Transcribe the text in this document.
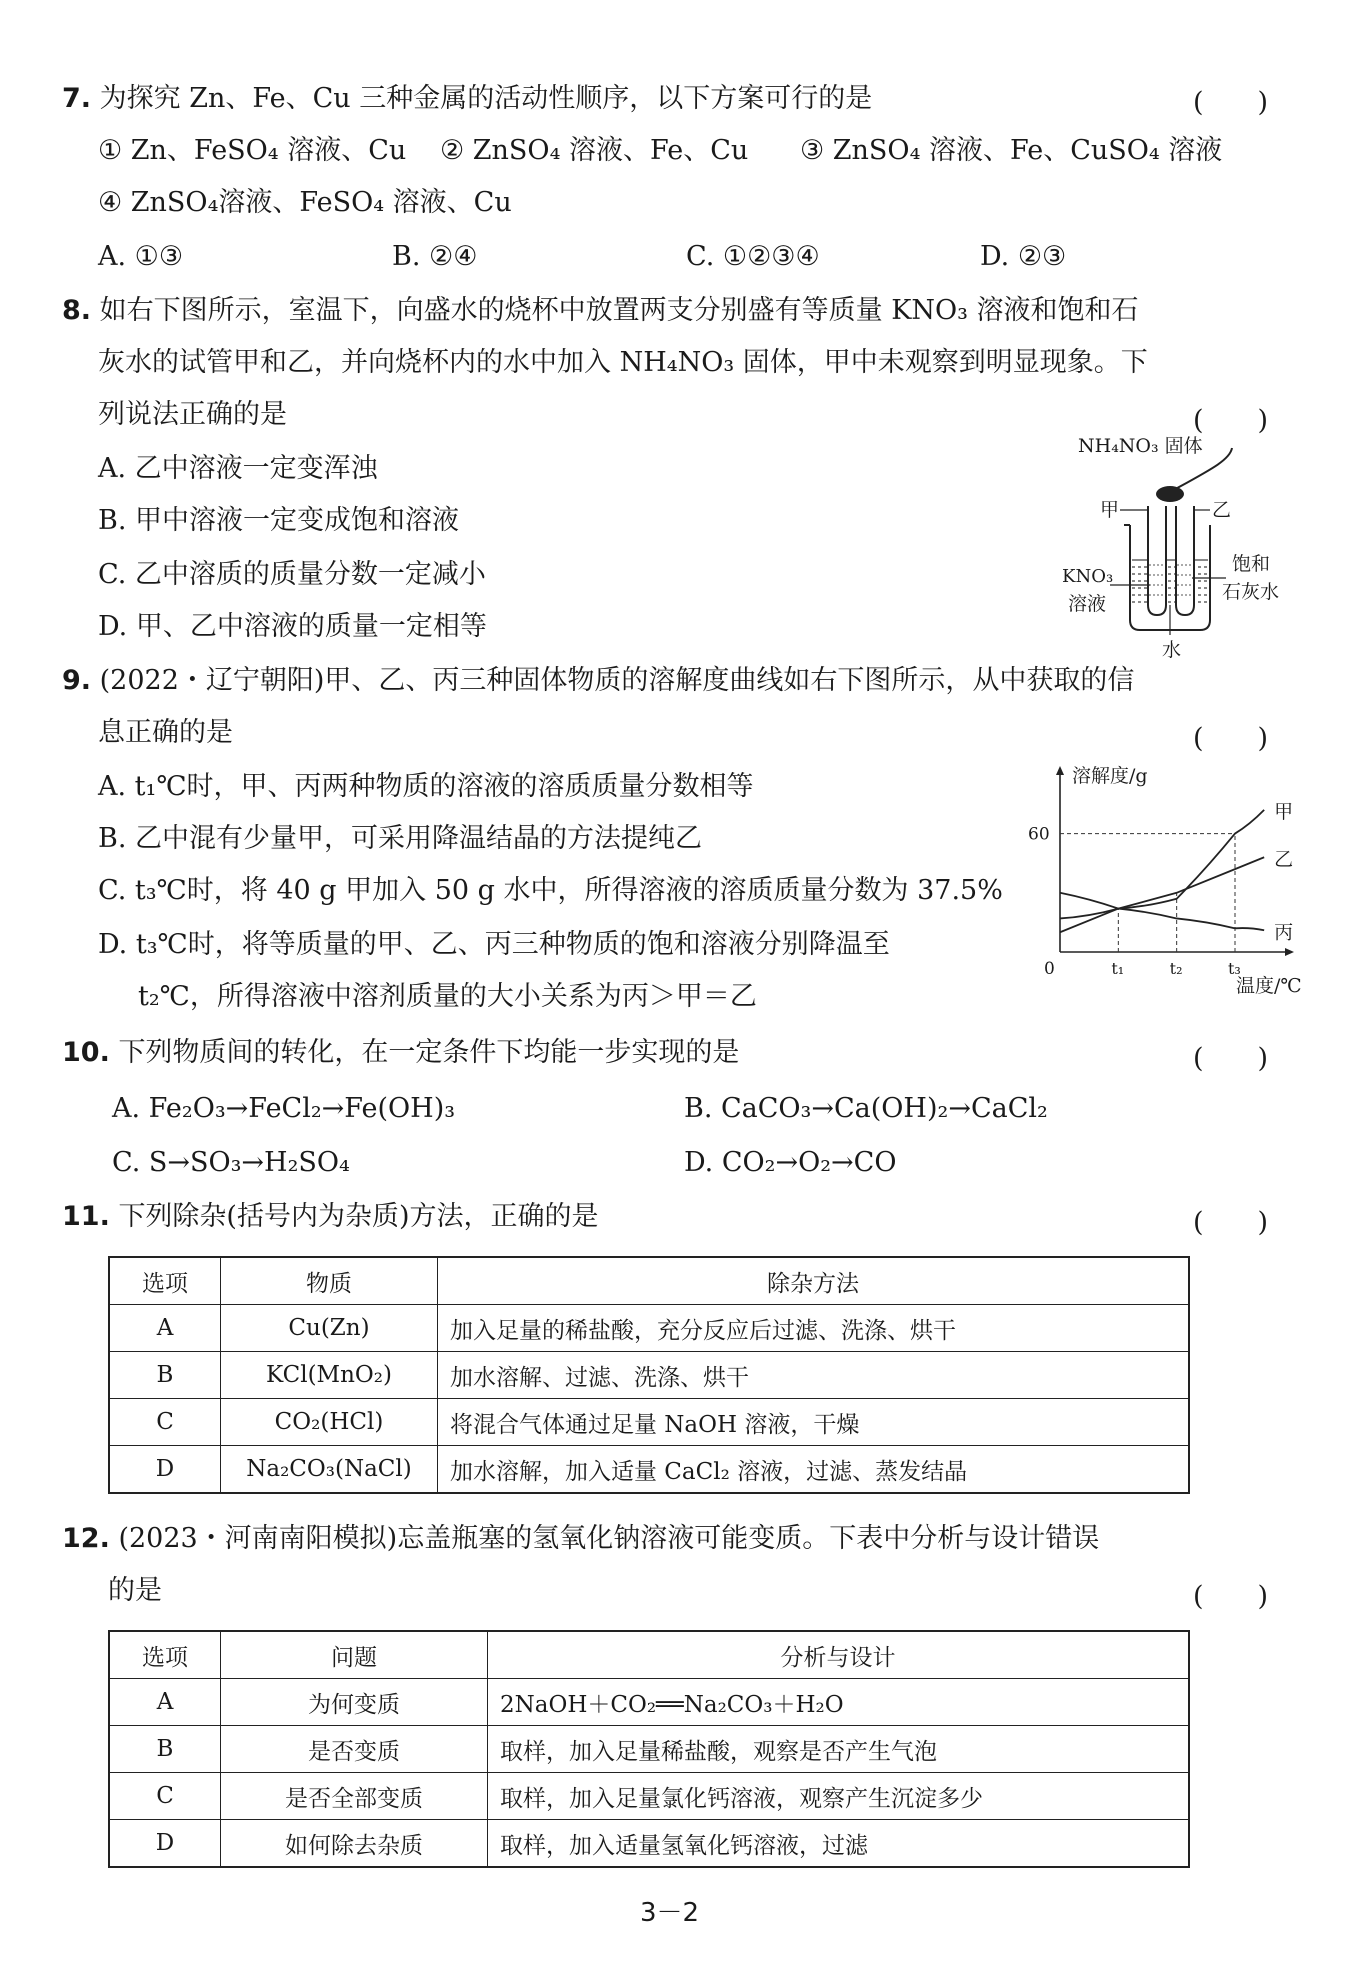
7. 为探究 Zn、Fe、Cu 三种金属的活动性顺序，以下方案可行的是	(　　)
① Zn、FeSO₄ 溶液、Cu ② ZnSO₄ 溶液、Fe、Cu ③ ZnSO₄ 溶液、Fe、CuSO₄ 溶液
④ ZnSO₄溶液、FeSO₄ 溶液、Cu
A. ①③	B. ②④	C. ①②③④	D. ②③
8. 如右下图所示，室温下，向盛水的烧杯中放置两支分别盛有等质量 KNO₃ 溶液和饱和石
灰水的试管甲和乙，并向烧杯内的水中加入 NH₄NO₃ 固体，甲中未观察到明显现象。下
列说法正确的是	(　　)
A. 乙中溶液一定变浑浊
B. 甲中溶液一定变成饱和溶液
C. 乙中溶质的质量分数一定减小
D. 甲、乙中溶液的质量一定相等
NH₄NO₃ 固体
甲	乙
KNO₃
溶液
饱和
石灰水
水
9. (2022・辽宁朝阳)甲、乙、丙三种固体物质的溶解度曲线如右下图所示，从中获取的信
息正确的是	(　　)
A. t₁℃时，甲、丙两种物质的溶液的溶质质量分数相等
B. 乙中混有少量甲，可采用降温结晶的方法提纯乙
C. t₃℃时，将 40 g 甲加入 50 g 水中，所得溶液的溶质质量分数为 37.5%
D. t₃℃时，将等质量的甲、乙、丙三种物质的饱和溶液分别降温至
t₂℃，所得溶液中溶剂质量的大小关系为丙＞甲＝乙
溶解度/g
温度/℃
0
60
t₁	t₂	t₃
甲
乙
丙
10. 下列物质间的转化，在一定条件下均能一步实现的是	(　　)
A. Fe₂O₃→FeCl₂→Fe(OH)₃	B. CaCO₃→Ca(OH)₂→CaCl₂
C. S→SO₃→H₂SO₄	D. CO₂→O₂→CO
11. 下列除杂(括号内为杂质)方法，正确的是	(　　)
选项	物质	除杂方法
A	Cu(Zn)	加入足量的稀盐酸，充分反应后过滤、洗涤、烘干
B	KCl(MnO₂)	加水溶解、过滤、洗涤、烘干
C	CO₂(HCl)	将混合气体通过足量 NaOH 溶液，干燥
D	Na₂CO₃(NaCl)	加水溶解，加入适量 CaCl₂ 溶液，过滤、蒸发结晶
12. (2023・河南南阳模拟)忘盖瓶塞的氢氧化钠溶液可能变质。下表中分析与设计错误
的是	(　　)
选项	问题	分析与设计
A	为何变质	2NaOH＋CO₂══Na₂CO₃＋H₂O
B	是否变质	取样，加入足量稀盐酸，观察是否产生气泡
C	是否全部变质	取样，加入足量氯化钙溶液，观察产生沉淀多少
D	如何除去杂质	取样，加入适量氢氧化钙溶液，过滤
3－2
